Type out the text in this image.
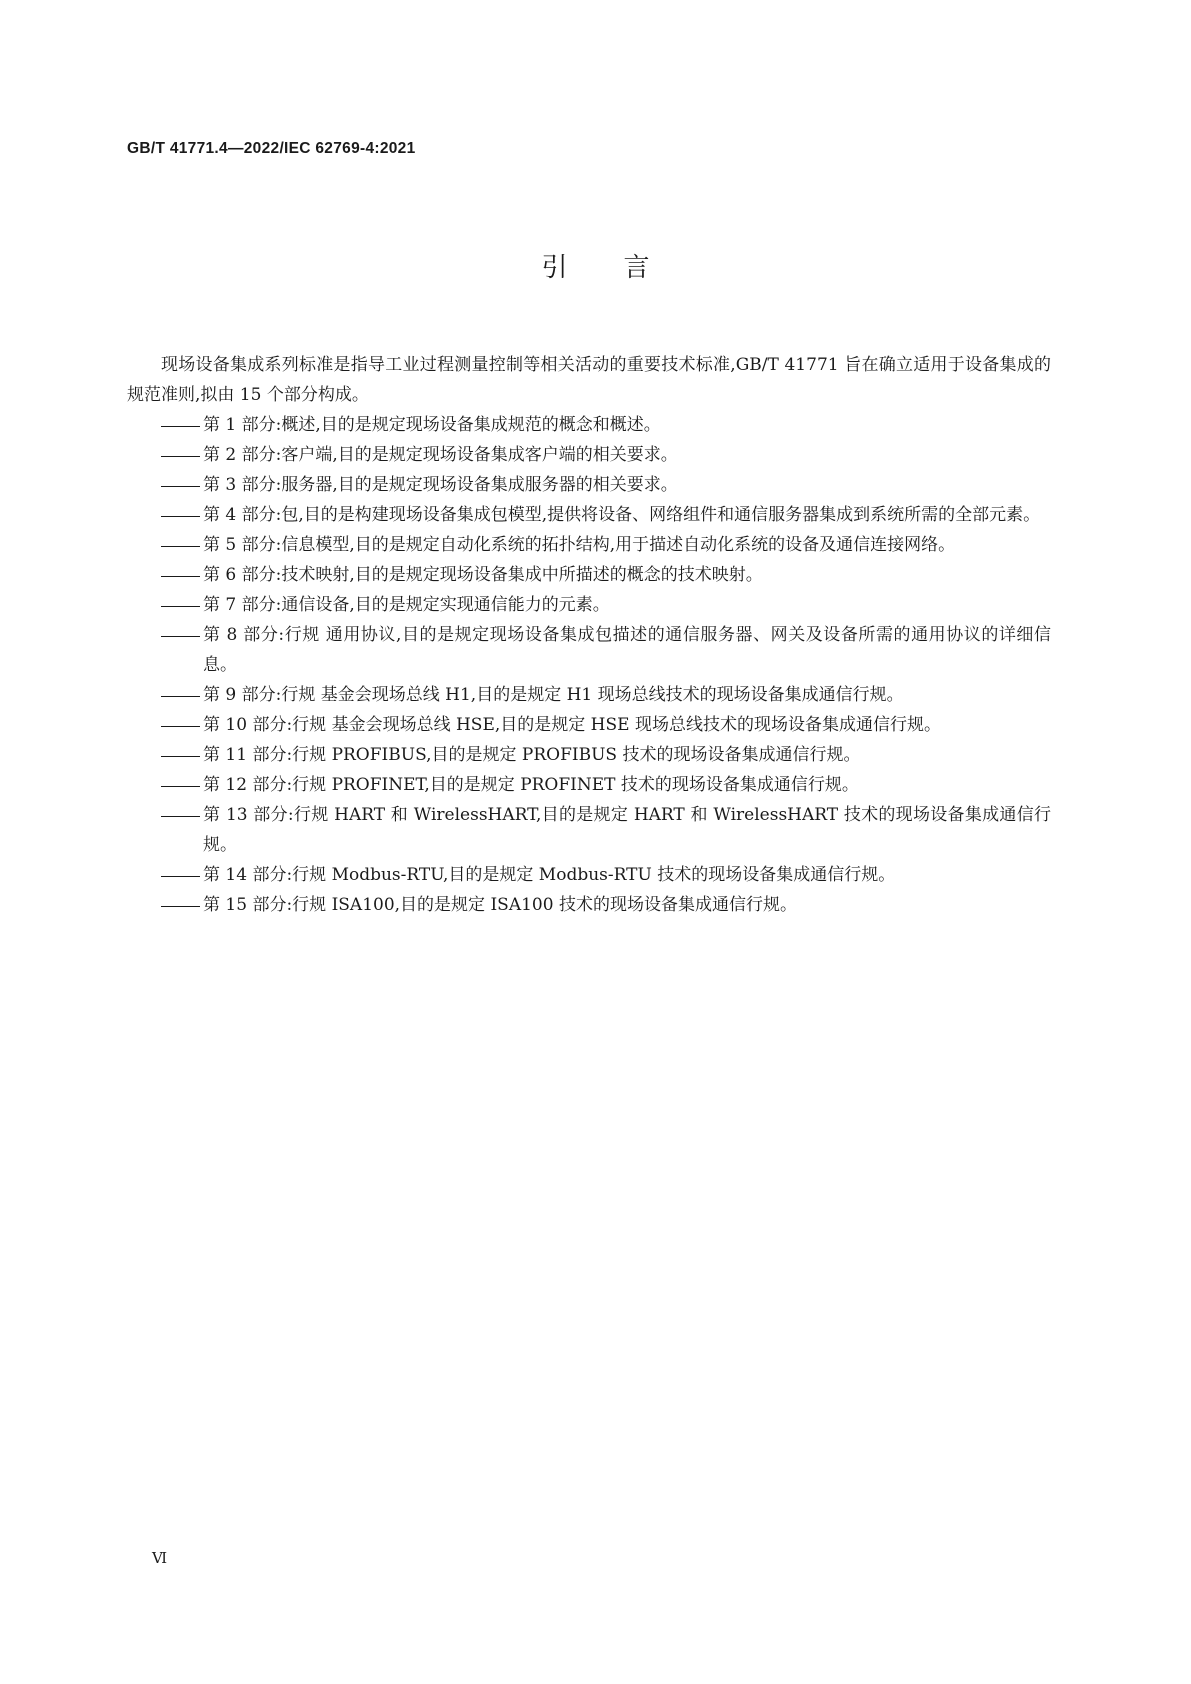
GB/T 41771.4—2022/IEC 62769-4:2021
引言

现场设备集成系列标准是指导工业过程测量控制等相关活动的重要技术标准,GB/T 41771 旨在确立适用于设备集成的规范准则,拟由 15 个部分构成。

第 1 部分:概述,目的是规定现场设备集成规范的概念和概述。
第 2 部分:客户端,目的是规定现场设备集成客户端的相关要求。
第 3 部分:服务器,目的是规定现场设备集成服务器的相关要求。
第 4 部分:包,目的是构建现场设备集成包模型,提供将设备、网络组件和通信服务器集成到系统所需的全部元素。
第 5 部分:信息模型,目的是规定自动化系统的拓扑结构,用于描述自动化系统的设备及通信连接网络。
第 6 部分:技术映射,目的是规定现场设备集成中所描述的概念的技术映射。
第 7 部分:通信设备,目的是规定实现通信能力的元素。
第 8 部分:行规 通用协议,目的是规定现场设备集成包描述的通信服务器、网关及设备所需的通用协议的详细信息。
第 9 部分:行规 基金会现场总线 H1,目的是规定 H1 现场总线技术的现场设备集成通信行规。
第 10 部分:行规 基金会现场总线 HSE,目的是规定 HSE 现场总线技术的现场设备集成通信行规。
第 11 部分:行规 PROFIBUS,目的是规定 PROFIBUS 技术的现场设备集成通信行规。
第 12 部分:行规 PROFINET,目的是规定 PROFINET 技术的现场设备集成通信行规。
第 13 部分:行规 HART 和 WirelessHART,目的是规定 HART 和 WirelessHART 技术的现场设备集成通信行规。
第 14 部分:行规 Modbus-RTU,目的是规定 Modbus-RTU 技术的现场设备集成通信行规。
第 15 部分:行规 ISA100,目的是规定 ISA100 技术的现场设备集成通信行规。
Ⅵ
